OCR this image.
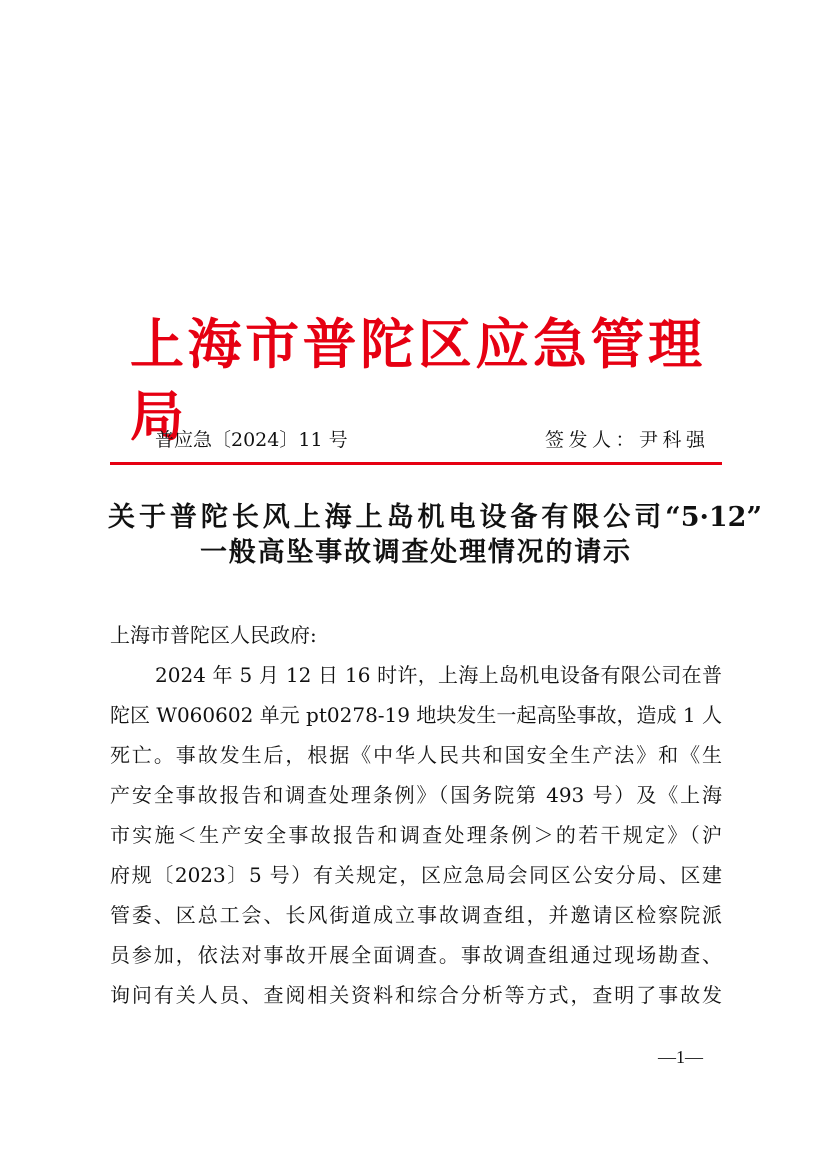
上海市普陀区应急管理局
普应急〔2024〕11 号	签发人：尹科强
关于普陀长风上海上岛机电设备有限公司“5·12”
一般高坠事故调查处理情况的请示
上海市普陀区人民政府:
2024 年 5 月 12 日 16 时许，上海上岛机电设备有限公司在普
陀区 W060602 单元 pt0278-19 地块发生一起高坠事故，造成 1 人
死亡。事故发生后，根据《中华人民共和国安全生产法》和《生
产安全事故报告和调查处理条例》（国务院第 493 号）及《上海
市实施＜生产安全事故报告和调查处理条例＞的若干规定》（沪
府规〔2023〕5 号）有关规定，区应急局会同区公安分局、区建
管委、区总工会、长风街道成立事故调查组，并邀请区检察院派
员参加，依法对事故开展全面调查。事故调查组通过现场勘查、
询问有关人员、查阅相关资料和综合分析等方式，查明了事故发
—1—
